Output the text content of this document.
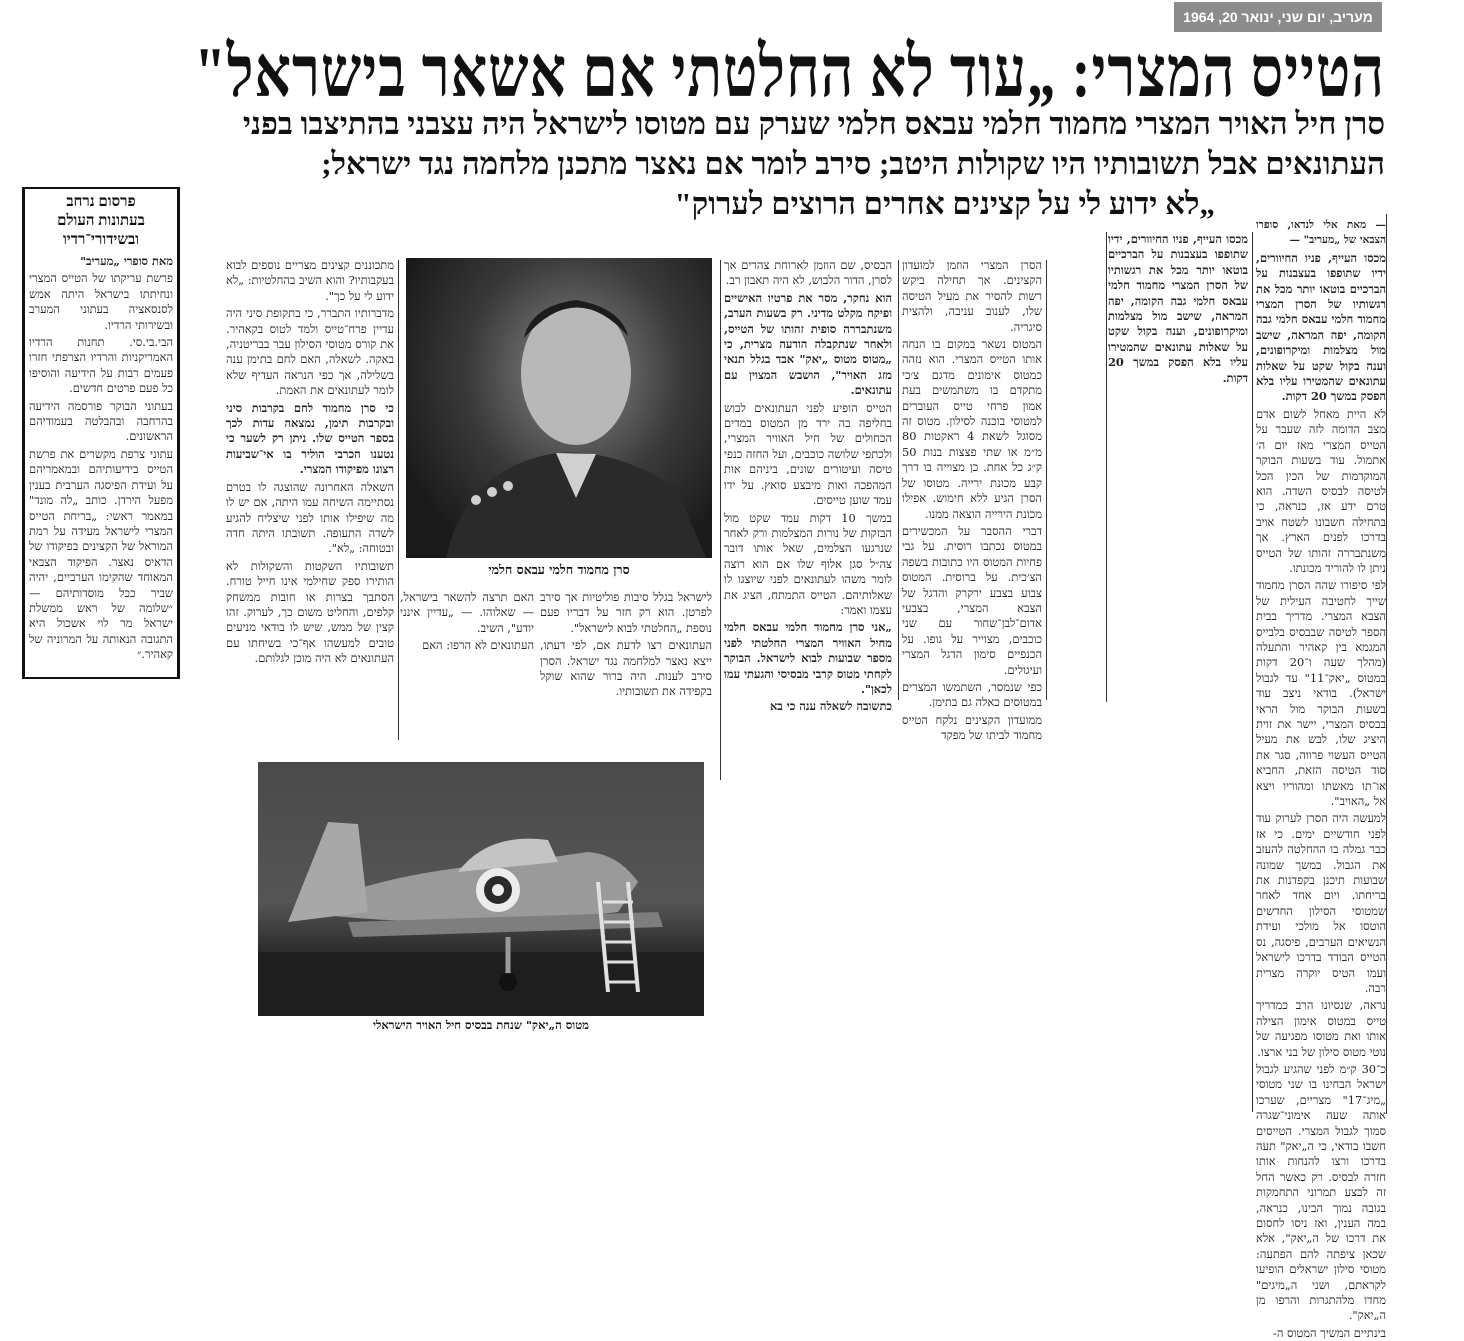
מעריב, יום שני, ינואר 20, 1964
הטייס המצרי: „עוד לא החלטתי אם אשאר בישראל"
סרן חיל האויר המצרי מחמוד חלמי עבאס חלמי שערק עם מטוסו לישראל היה עצבני בהתיצבו בפני
העתונאים אבל תשובותיו היו שקולות היטב; סירב לומר אם נאצר מתכנן מלחמה נגד ישראל;
„לא ידוע לי על קצינים אחרים הרוצים לערוק"
פרסום נרחב
בעתונות העולם
ובשידורי־רדיו

מאת סופרי „מעריב"

פרשת עריקתו של הטייס המצרי ונחיתתו בישראל היתה אמש לסנסאציה בעתוני המערב ובשירותי הרדיו.

הבי.בי.סי. תחנות הרדיו האמריקניות והרדיו הצרפתי חזרו פעמים רבות על הידיעה והוסיפו כל פעם פרטים חדשים.

בעתוני הבוקר פורסמה הידיעה בהרחבה ובהבלטה בעמודיהם הראשונים.

עתוני צרפת מקשרים את פרשת הטייס בידיעותיהם ובמאמריהם על ועידת הפיסגה הערבית בענין מפעל הירדן. כותב „לה מונד" במאמר ראשי: „בריחת הטייס המצרי לישראל מעידה על רמת המוראל של הקצינים בפיקודו של הדאיס נאצר. הפיקוד הצבאי המאוחד שהקימו הערביים, יהיה שביר ככל מוסדותיהם — ״שלומה של ראש ממשלת ישראל מר לוי אשכול היא התגובה הנאותה על המרוניה של קאהיר.״

— מאת אלי לנדאו, סופרו הצבאי של „מעריב" —

מכסו העייף, פניו החיוורים, ידיו שתופפו בעצבנות על הברכיים בוטאו יותר מכל את רגשותיו של הסרן המצרי מחמוד חלמי עבאס חלמי גבה הקומה, יפה המראה, שישב מול מצלמות ומיקרופונים, וענה בקול שקט על שאלות עתונאים שהמטירו עליו בלא הפסק במשך 20 דקות.

לא היית מאחל לשום אדם מצב הדומה לזה שעבר על הטייס המצרי מאז יום ה׳ אתמול. עוד בשעות הבוקר המוקדמות של הכין הכל לטיסה לבסיס השדה. הוא טרם ידע אז, כנראה, כי בתחילה חשבונו לשטח אויב בדרכו לפנים הארץ. אך משנתבררה זהותו של הטייס ניתן לו להוריד מכונתו.

לפי סיפורו שהה הסרן מחמוד שייך לחטיבה העילית של הצבא המצרי. מדריך בבית הספר לטיסה שבבסיס בלבייס המגמא בין קאהיר והתעלה (מהלך שעה ו־20 דקות במטוס „יאק־11" עד לגבול ישראל). בודאי ניצב עוד בשעות הבוקר מול הראי בבסיס המצרי, יישר את זוית היציג שלו, לבש את מעיל הטייס העשוי פרווה, סגר את סוד הטיסה הזאת, החביא או־תו מאשתו ומהוריו ויצא אל „האויב".

למעשה היה הסרן לערוק עוד לפני חודשיים ימים. כי אז כבר גמלה בו ההחלטה להעזב את הגבול. במשך שמונה שבועות תיכנן בקפדנות את בריחתו. ויום אחד לאחר שמטוסי הסילון החדשים הוטסו אל מולכי ועידת הנשיאים הערבים, פיסגה, נס הטייס הבודד בדרכו לישראל ועמו הטיס יוקרה מצרית רבה.

נראה, שנסיונו הרב כמדריך טייס במטוס אימון הצילה אותו ואת מטוסו מפגיעה של נוטי מטוס סילון של בני ארצו.

כ־30 ק״מ לפני שהגיע לגבול ישראל הבחינו בו שני מטוסי „מיג־17" מצריים, שערכו אותה שעה אימוני־שגרה סמוך לגבול המצרי. הטייסים חשבו בודאי, כי ה„יאק" תעה בדרכו ורצו להנחות אותו חזרה לבסיס. רק כאשר החל זה לבצע תמרוני התחמקות בגובה נמוך הבינו, כנראה, במה הענין, ואז ניסו לחסום את דרכו של ה„יאק", אלא שכאן ציפתה להם הפתעה: מטוסי סילון ישראלים הופיעו לקראתם, ושני ה„מיגים" מחדו מלהתגרות והרפו מן ה„יאק".

בינתיים המשיך המטוס ה-

מכסו העייף, פניו החיוורים, ידיו שתופפו בעצבנות על הברכיים בוטאו יותר מכל את רגשותיו של הסרן המצרי מחמוד חלמי עבאס חלמי גבה הקומה, יפה המראה, שישב מול מצלמות ומיקרופונים, וענה בקול שקט על שאלות עתונאים שהמטירו עליו בלא הפסק במשך 20 דקות.

הסרן המצרי הוזמן למועדון הקצינים. אך תחילה ביקש רשות להסיר את מעיל הטיסה שלו, לענוב עניבה, ולהצית סיגריה.

המטוס נשאר במקום בו הנחה אותו הטייס המצרי. הוא נזהה כמטוס אימונים מדגם צ׳כי מתקדם בו משתמשים בעת אמון פרחי טייס העוברים למטוסי בוכנה לסילון. מטוס זה מסוגל לשאת 4 ראקטות 80 מ״מ או שתי פצצות בנות 50 ק״ג כל אחת. כן מצוייה בו דרך קבע מכונת ירייה. מטוסו של הסרן הגיע ללא חימוש. אפילו מכונת הירייה הוצאה ממנו.

דברי ההסבר על המכשירים במטוס נכתבו רוסית. על גבי פחיות המטוס היו כתובות בשפה הצ׳כית. על ברוסית. המטוס צבוע בצבע ירקרק והדגל של הצבא המצרי, בצבעי אדום־לבן־שחור עם שני כוכבים, מצוייר על גופו. על הכנפיים סימון הדגל המצרי ועיגולים.

כפי שנמסר, השתמשו המצרים במטוסים כאלה גם בתימן.

ממועדון הקצינים נלקח הטייס מחמוד לביתו של מפקד

הבסיס, שם הוזמן לארוחת צהרים אך לסרן, הדור הלבוש, לא היה תאבון רב.

הוא נחקר, מסר את פרטיו האישיים ופיקח מקלט מדיני. רק בשעות הערב, משנתבררה סופית זהותו של הטייס, ולאחר שנתקבלה הודעה מצרית, כי „מטוס מטוס „יאק" אבד בגלל תנאי מזג האויר", הושבש המצוין עם עתונאים.

הטייס הופיע לפני העתונאים לבוש בחליפה בה ירד מן המטוס במדים הכחולים של חיל האוויר המצרי, ולכתפי שלושה כוכבים, ועל החזה כנפי טיסה ועיטורים שונים, ביניהם אות המהפכה ואות מיבצע סואץ. על ידו עמד שוען טייסים.

במשך 10 דקות עמד שקט מול הבזקות של נורות המצלמות ורק לאחר שנרגעו הצלמים, שאל אותו דובר צה״ל סגן אלוף שלו אם הוא רוצה לומר משהו לעתונאים לפני שיוצגו לו שאלותיהם. הטייס התמתח, הציג את עצמו ואמר:

„אני סרן מחמוד חלמי עבאס חלמי מחיל האוויר המצרי החלטתי לפני מספר שבועות לבוא לישראל. הבוקר לקחתי מטוס קרבי מבסיסי והגעתי עמו לכאן".

כתשובה לשאלה ענה כי בא

סרן מחמוד חלמי עבאס חלמי

לישראל בגלל סיבות פוליטיות אך סירב לפרטן. הוא רק חזר על דבריו פעם נוספת „החלטתי לבוא לישראל".

העתונאים רצו לדעת אם, לפי דעתו, ייצא נאצר למלחמה נגד ישראל. הסרן סירב לענות. היה ברור שהוא שוקל בקפידה את תשובותיו.

האם תרצה להשאר בישראל, — שאלוהו. — „עדיין אינני יודע", השיב.

העתונאים לא הרפו: האם

מתכוננים קצינים מצריים נוספים לבוא בעקבותיו? והוא השיב בהחלטיות: „לא ידוע לי על כך".

מדברותיו התברר, כי בתקופת סיני היה עדיין פרח־טייס ולמד לטוס בקאהיר. את קורס מטוסי הסילון עבר בבריטניה, באקה. לשאלה, האם לחם בתימן ענה בשלילה, אך כפי הנראה העדיף שלא לומר לעתונאים את האמת.

כי סרן מחמוד לחם בקרבות סיני ובקרבות תימן, נמצאה עדות לכך בספר הטייס שלו. ניתן רק לשער כי נטענו הכרבי הוליר בו אי־שביעות רצונו מפיקודו המצרי.

השאלה האחרונה שהוצגה לו בטרם נסתיימה השיחה עמו היתה, אם יש לו מה שיפילו אותו לפני שיצליח להגיע לשדה התעופה. תשובתו היתה חדה ובטוחה: „לא".

תשובותיו השקטות והשקולות לא הותירו ספק שחילמי אינו חייל טורח. הסתבך בצרות או חובות ממשחק קלפים, והחליט משום כך, לערוק. זהו קצין של ממש, שיש לו בודאי מניעים טובים למעשהו אף־כי בשיחתו עם העתונאים לא היה מוכן לגלותם.

מטוס ה„יאק" שנחת בבסיס חיל האויר הישראלי
